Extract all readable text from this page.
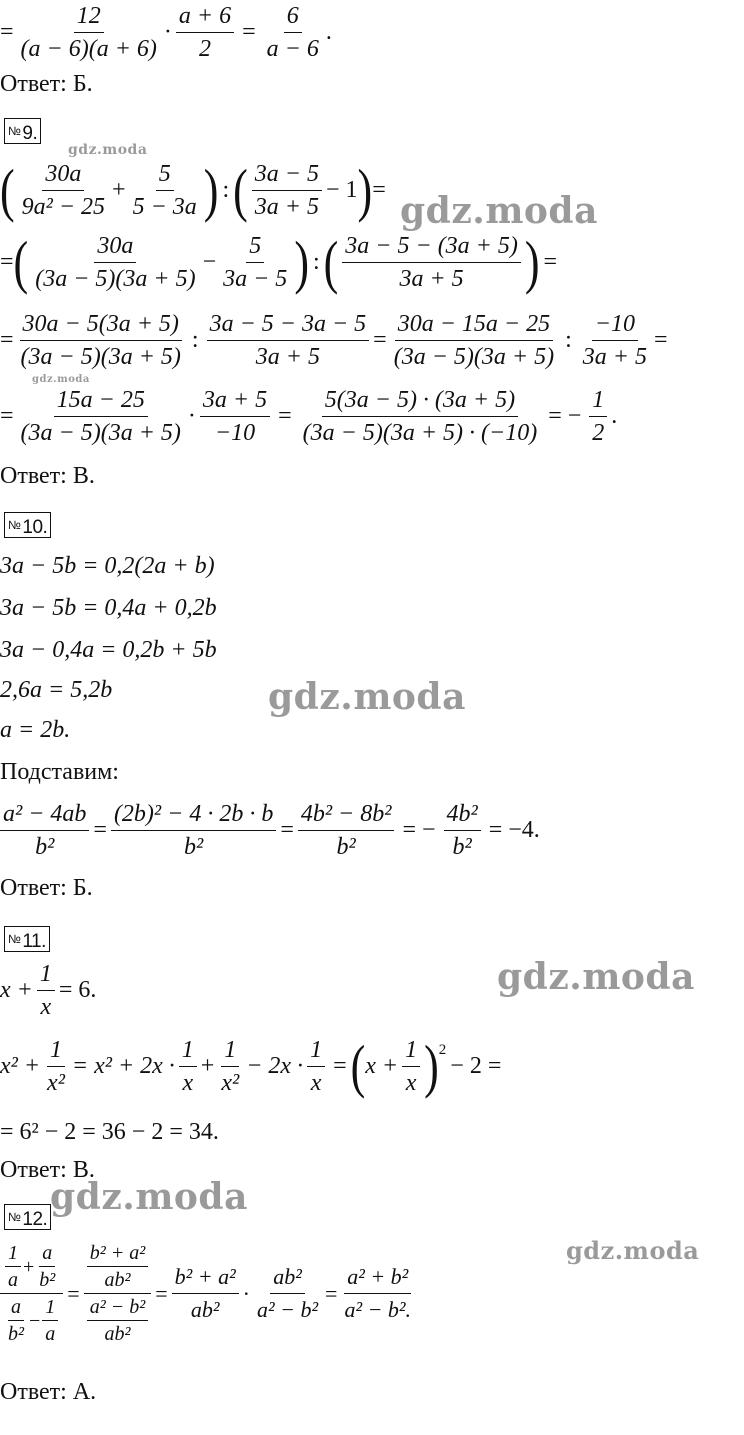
= $\frac{12}{(a - 6)(a + 6)} \cdot \frac{a + 6}{2} = \frac{6}{a - 6}$ .
Ответ: Б.
№ 9.
( $\frac{30a}{\text{9a² − 25}} + \frac{5}{5 - 3a}$ ) : ( $\frac{3a - 5}{3a + 5} - 1$ ) =
= ( $\frac{30a}{(3a - 5)(3a + 5)} - \frac{5}{3a - 5}$ ) : ( $\frac{3a - 5 - (3a + 5)}{3a + 5}$ ) =
= $\frac{30a - 5(3a + 5)}{(3a - 5)(3a + 5)}$ : $\frac{3a - 5 - 3a - 5}{3a + 5} = \frac{30a - 15a - 25}{(3a - 5)(3a + 5)}$ : $\frac{-10}{3a + 5}$ =
= $\frac{15a - 25}{(3a - 5)(3a + 5)} \cdot \frac{3a + 5}{-10} = \frac{5(3a - 5) \cdot (3a + 5)}{(3a - 5)(3a + 5) \cdot (-10)}$ = − $\frac{1}{2}$ .
Ответ: В.
№ 10.
3a − 5b = 0,2(2a + b)
3a − 5b = 0,4a + 0,2b
3a − 0,4a = 0,2b + 5b
2,6a = 5,2b
a = 2b.
Подставим:
$\frac{\text{a² − 4ab}}{\text{b²}} = \frac{\text{(2b)² − 4 · 2b · b}}{\text{b²}} = \frac{\text{4b² − 8b²}}{\text{b²}}$ = − $\frac{\text{4b²}}{\text{b²}} = -4$.
Ответ: Б.
№ 11.
$x + \frac{1}{x} = 6$.
$x^2 + \frac{1}{\text{x²}} = x^2 + 2x \cdot \frac{1}{x} + \frac{1}{\text{x²}} - 2x \cdot \frac{1}{x}$ = ( $x + \frac{1}{x}$ ) 2
− 2 =
= 6² − 2 = 36 − 2 = 34.
Ответ: В.
№ 12.
$\frac{\frac{1}{a} + \frac{a}{\text{b²}}}{\frac{a}{\text{b²}} - \frac{1}{a}} = \frac{\frac{\text{b² + a²}}{\text{ab²}}}{\frac{\text{a² − b²}}{\text{ab²}}} = \frac{\text{b² + a²}}{\text{ab²}} \cdot \frac{\text{ab²}}{\text{a² − b²}} = \frac{\text{a² + b²}}{\text{a² − b².}}$
Ответ: А.
gdz.moda
gdz.moda
gdz.moda
gdz.moda
gdz.moda
gdz.moda
gdz.moda
